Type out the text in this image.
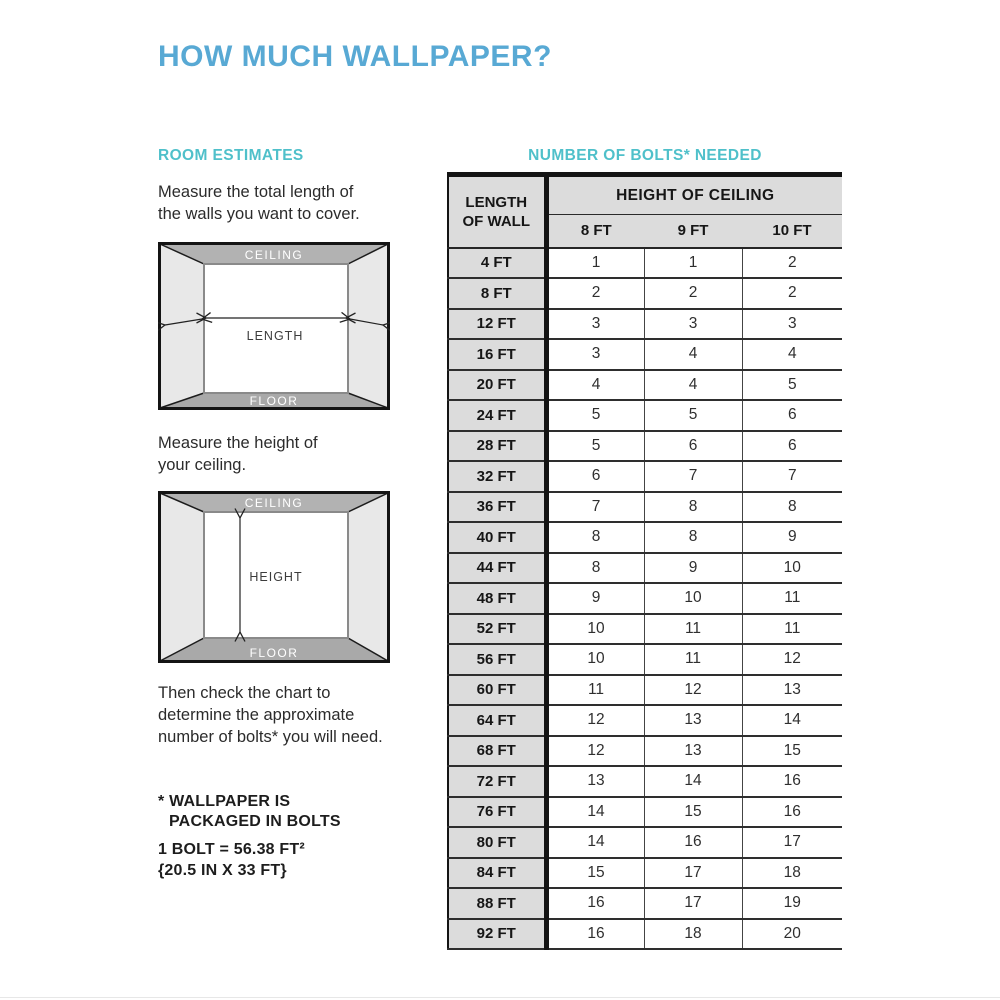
HOW MUCH WALLPAPER?
ROOM ESTIMATES
Measure the total length of
the walls you want to cover.
CEILING
FLOOR
LENGTH
Measure the height of
your ceiling.
CEILING
FLOOR
HEIGHT
Then check the chart to
determine the approximate
number of bolts* you will need.
* WALLPAPER IS
PACKAGED IN BOLTS
1 BOLT = 56.38 FT²
{20.5 IN X 33 FT}
NUMBER OF BOLTS* NEEDED
LENGTH
OF WALL	HEIGHT OF CEILING		
	8 FT	9 FT	10 FT
4 FT	1	1	2
8 FT	2	2	2
12 FT	3	3	3
16 FT	3	4	4
20 FT	4	4	5
24 FT	5	5	6
28 FT	5	6	6
32 FT	6	7	7
36 FT	7	8	8
40 FT	8	8	9
44 FT	8	9	10
48 FT	9	10	11
52 FT	10	11	11
56 FT	10	11	12
60 FT	11	12	13
64 FT	12	13	14
68 FT	12	13	15
72 FT	13	14	16
76 FT	14	15	16
80 FT	14	16	17
84 FT	15	17	18
88 FT	16	17	19
92 FT	16	18	20
